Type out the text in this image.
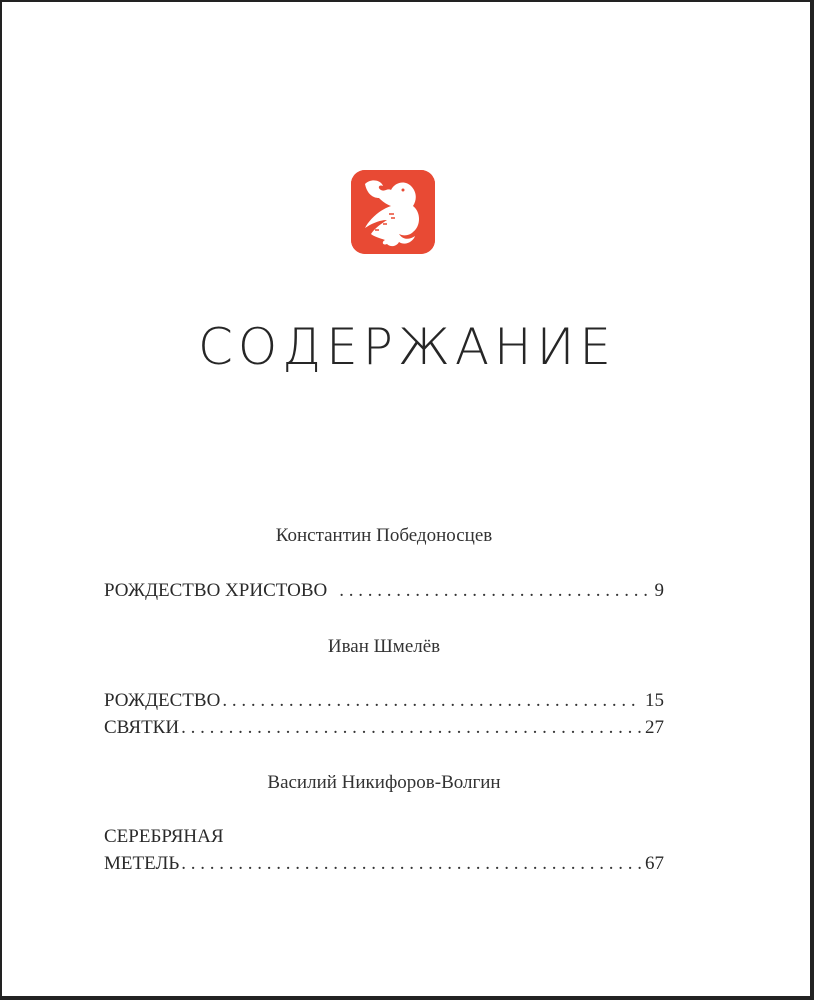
СОДЕРЖАНИЕ
Константин Победоносцев
РОЖДЕСТВО ХРИСТОВО . . .	9
Иван Шмелёв
РОЖДЕСТВО . . .	15
СВЯТКИ . . .	27
Василий Никифоров-Волгин
СЕРЕБРЯНАЯ
МЕТЕЛЬ . . .	67
